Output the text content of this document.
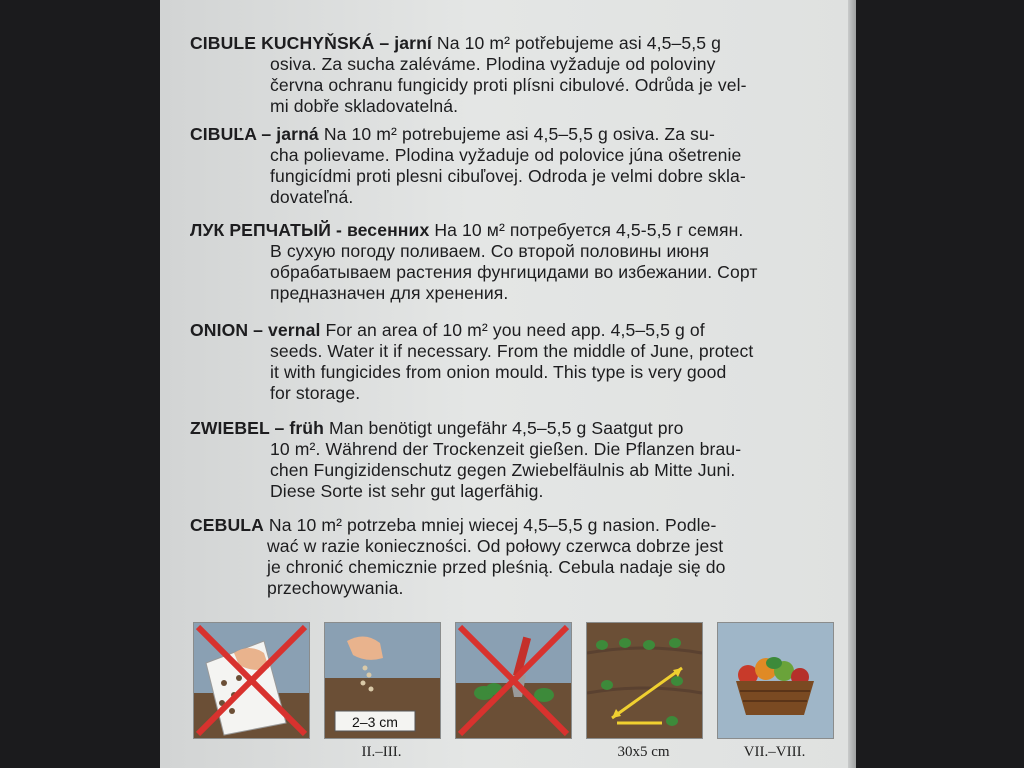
CIBULE KUCHYŇSKÁ – jarní Na 10 m² potřebujeme asi 4,5–5,5 g
osiva. Za sucha zaléváme. Plodina vyžaduje od poloviny
června ochranu fungicidy proti plísni cibulové. Odrůda je vel-
mi dobře skladovatelná.
CIBUĽA – jarná Na 10 m² potrebujeme asi 4,5–5,5 g osiva. Za su-
cha polievame. Plodina vyžaduje od polovice júna ošetrenie
fungicídmi proti plesni cibuľovej. Odroda je velmi dobre skla-
dovateľná.
ЛУК РЕПЧАТЫЙ - весенних На 10 м² потребуется 4,5-5,5 г семян.
В сухую погоду поливаем. Со второй половины июня
обрабатываем растения фунгицидами во избежании. Сорт
предназначен для хренения.
ONION – vernal For an area of 10 m² you need app. 4,5–5,5 g of
seeds. Water it if necessary. From the middle of June, protect
it with fungicides from onion mould. This type is very good
for storage.
ZWIEBEL – früh Man benötigt ungefähr 4,5–5,5 g Saatgut pro
10 m². Während der Trockenzeit gießen. Die Pflanzen brau-
chen Fungizidenschutz gegen Zwiebelfäulnis ab Mitte Juni.
Diese Sorte ist sehr gut lagerfähig.
CEBULA Na 10 m² potrzeba mniej wiecej 4,5–5,5 g nasion. Podle-
wać w razie konieczności. Od połowy czerwca dobrze jest
je chronić chemicznie przed pleśnią. Cebula nadaje się do
przechowywania.
2–3 cm
II.–III.	30x5 cm	VII.–VIII.
